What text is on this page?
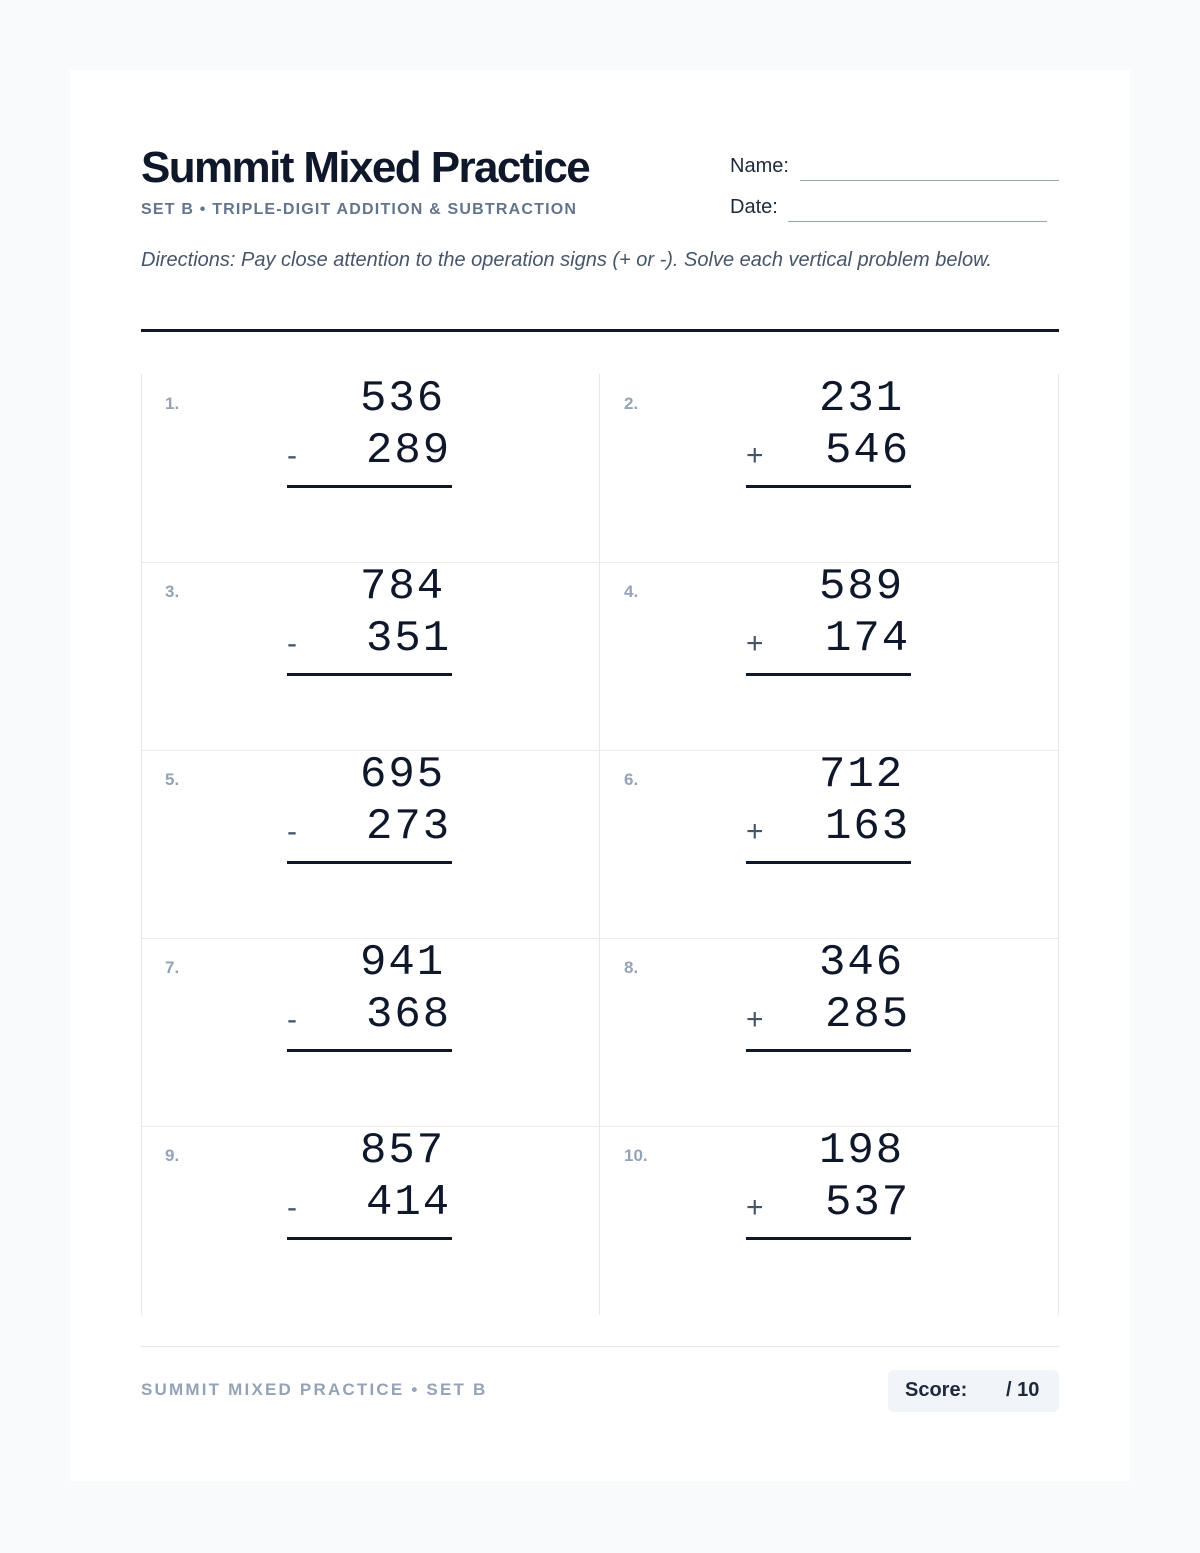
Summit Mixed Practice
SET B • TRIPLE-DIGIT ADDITION & SUBTRACTION
Name:
Date:
Directions: Pay close attention to the operation signs (+ or -). Solve each vertical problem below.
1.	536
- 289
2.	231
+ 546
3.	784
- 351
4.	589
+ 174
5.	695
- 273
6.	712
+ 163
7.	941
- 368
8.	346
+ 285
9.	857
- 414
10.	198
+ 537
SUMMIT MIXED PRACTICE • SET B	Score: / 10
